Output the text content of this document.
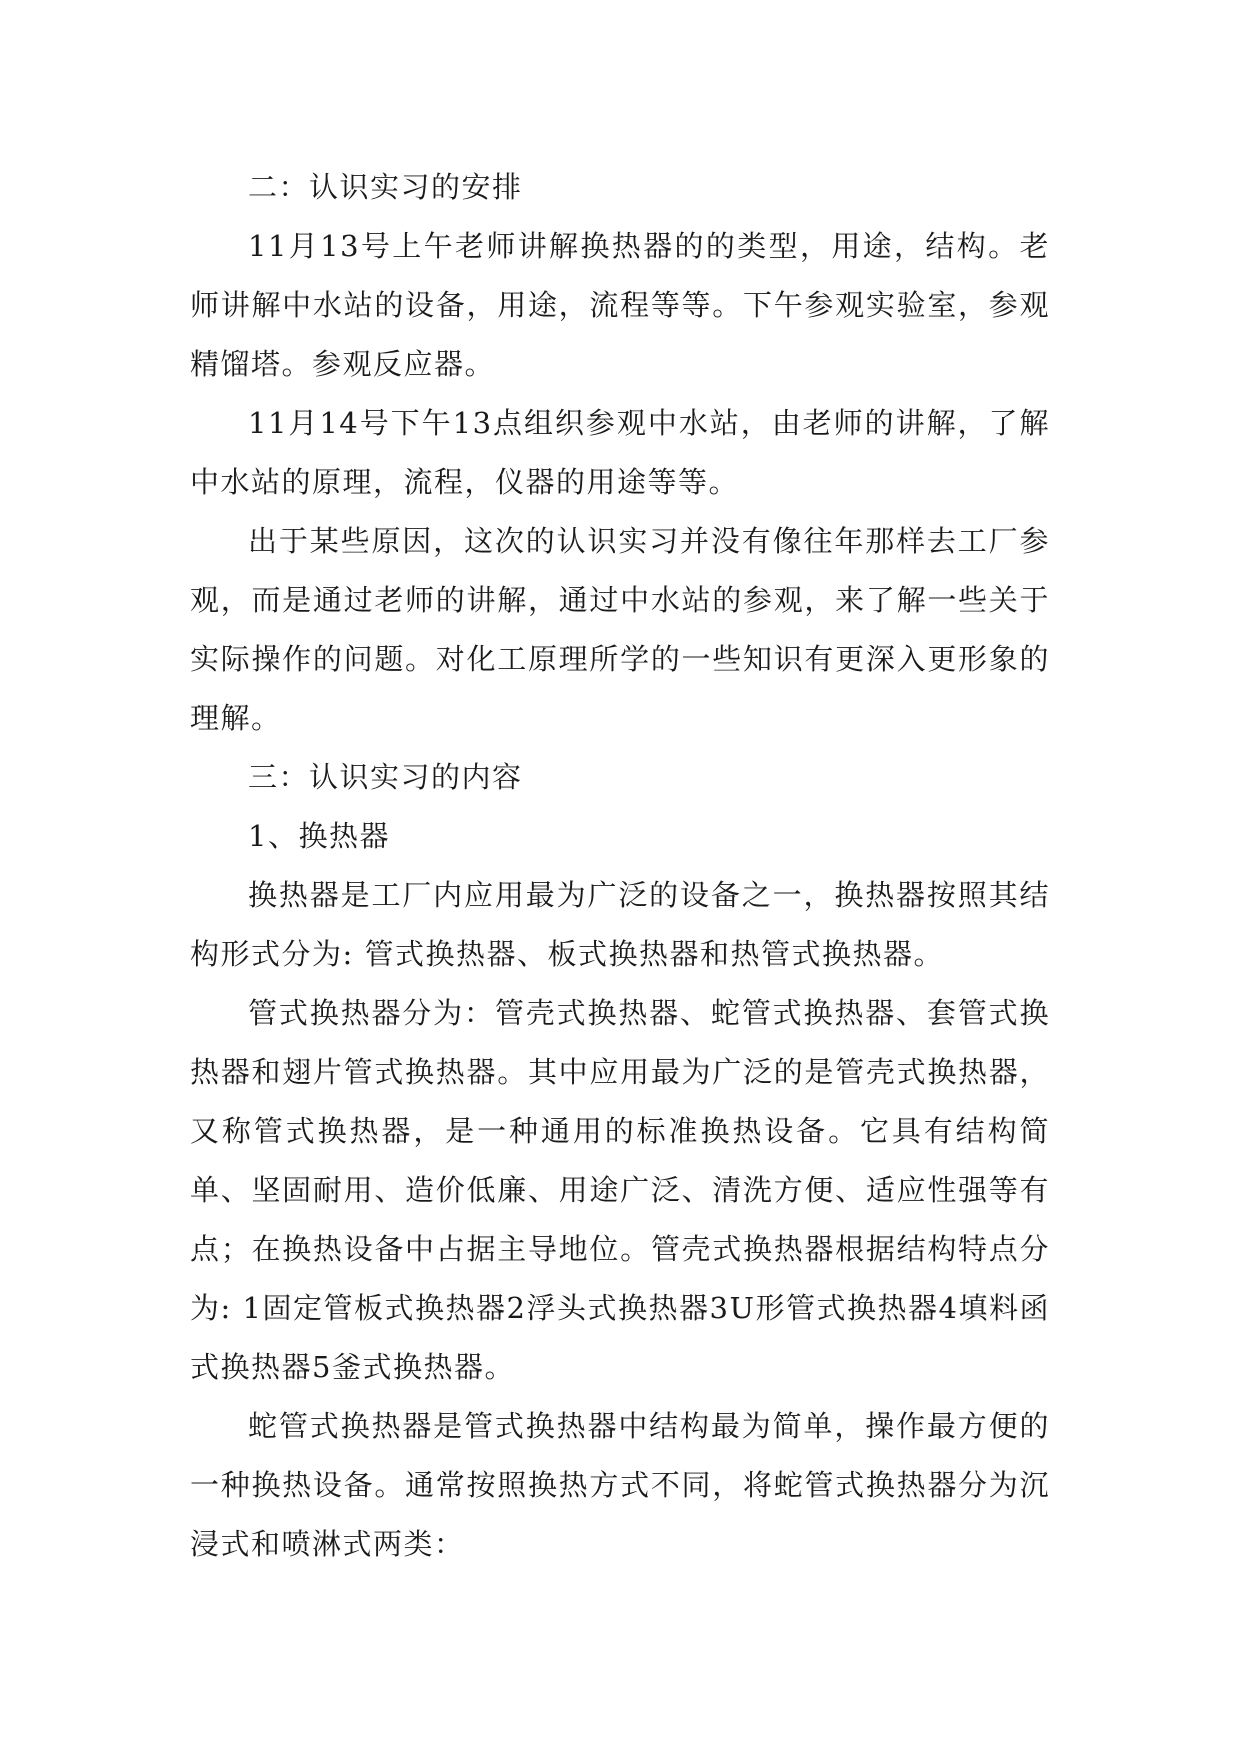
二：认识实习的安排

11月13号上午老师讲解换热器的的类型，用途，结构。老师讲解中水站的设备，用途，流程等等。下午参观实验室，参观精馏塔。参观反应器。

11月14号下午13点组织参观中水站，由老师的讲解，了解中水站的原理，流程，仪器的用途等等。

出于某些原因，这次的认识实习并没有像往年那样去工厂参观，而是通过老师的讲解，通过中水站的参观，来了解一些关于实际操作的问题。对化工原理所学的一些知识有更深入更形象的理解。

三：认识实习的内容

1、换热器

换热器是工厂内应用最为广泛的设备之一，换热器按照其结构形式分为: 管式换热器、板式换热器和热管式换热器。

管式换热器分为：管壳式换热器、蛇管式换热器、套管式换热器和翅片管式换热器。其中应用最为广泛的是管壳式换热器，又称管式换热器，是一种通用的标准换热设备。它具有结构简单、坚固耐用、造价低廉、用途广泛、清洗方便、适应性强等有点；在换热设备中占据主导地位。管壳式换热器根据结构特点分为: 1固定管板式换热器2浮头式换热器3U形管式换热器4填料函式换热器5釜式换热器。

蛇管式换热器是管式换热器中结构最为简单，操作最方便的一种换热设备。通常按照换热方式不同，将蛇管式换热器分为沉浸式和喷淋式两类：
